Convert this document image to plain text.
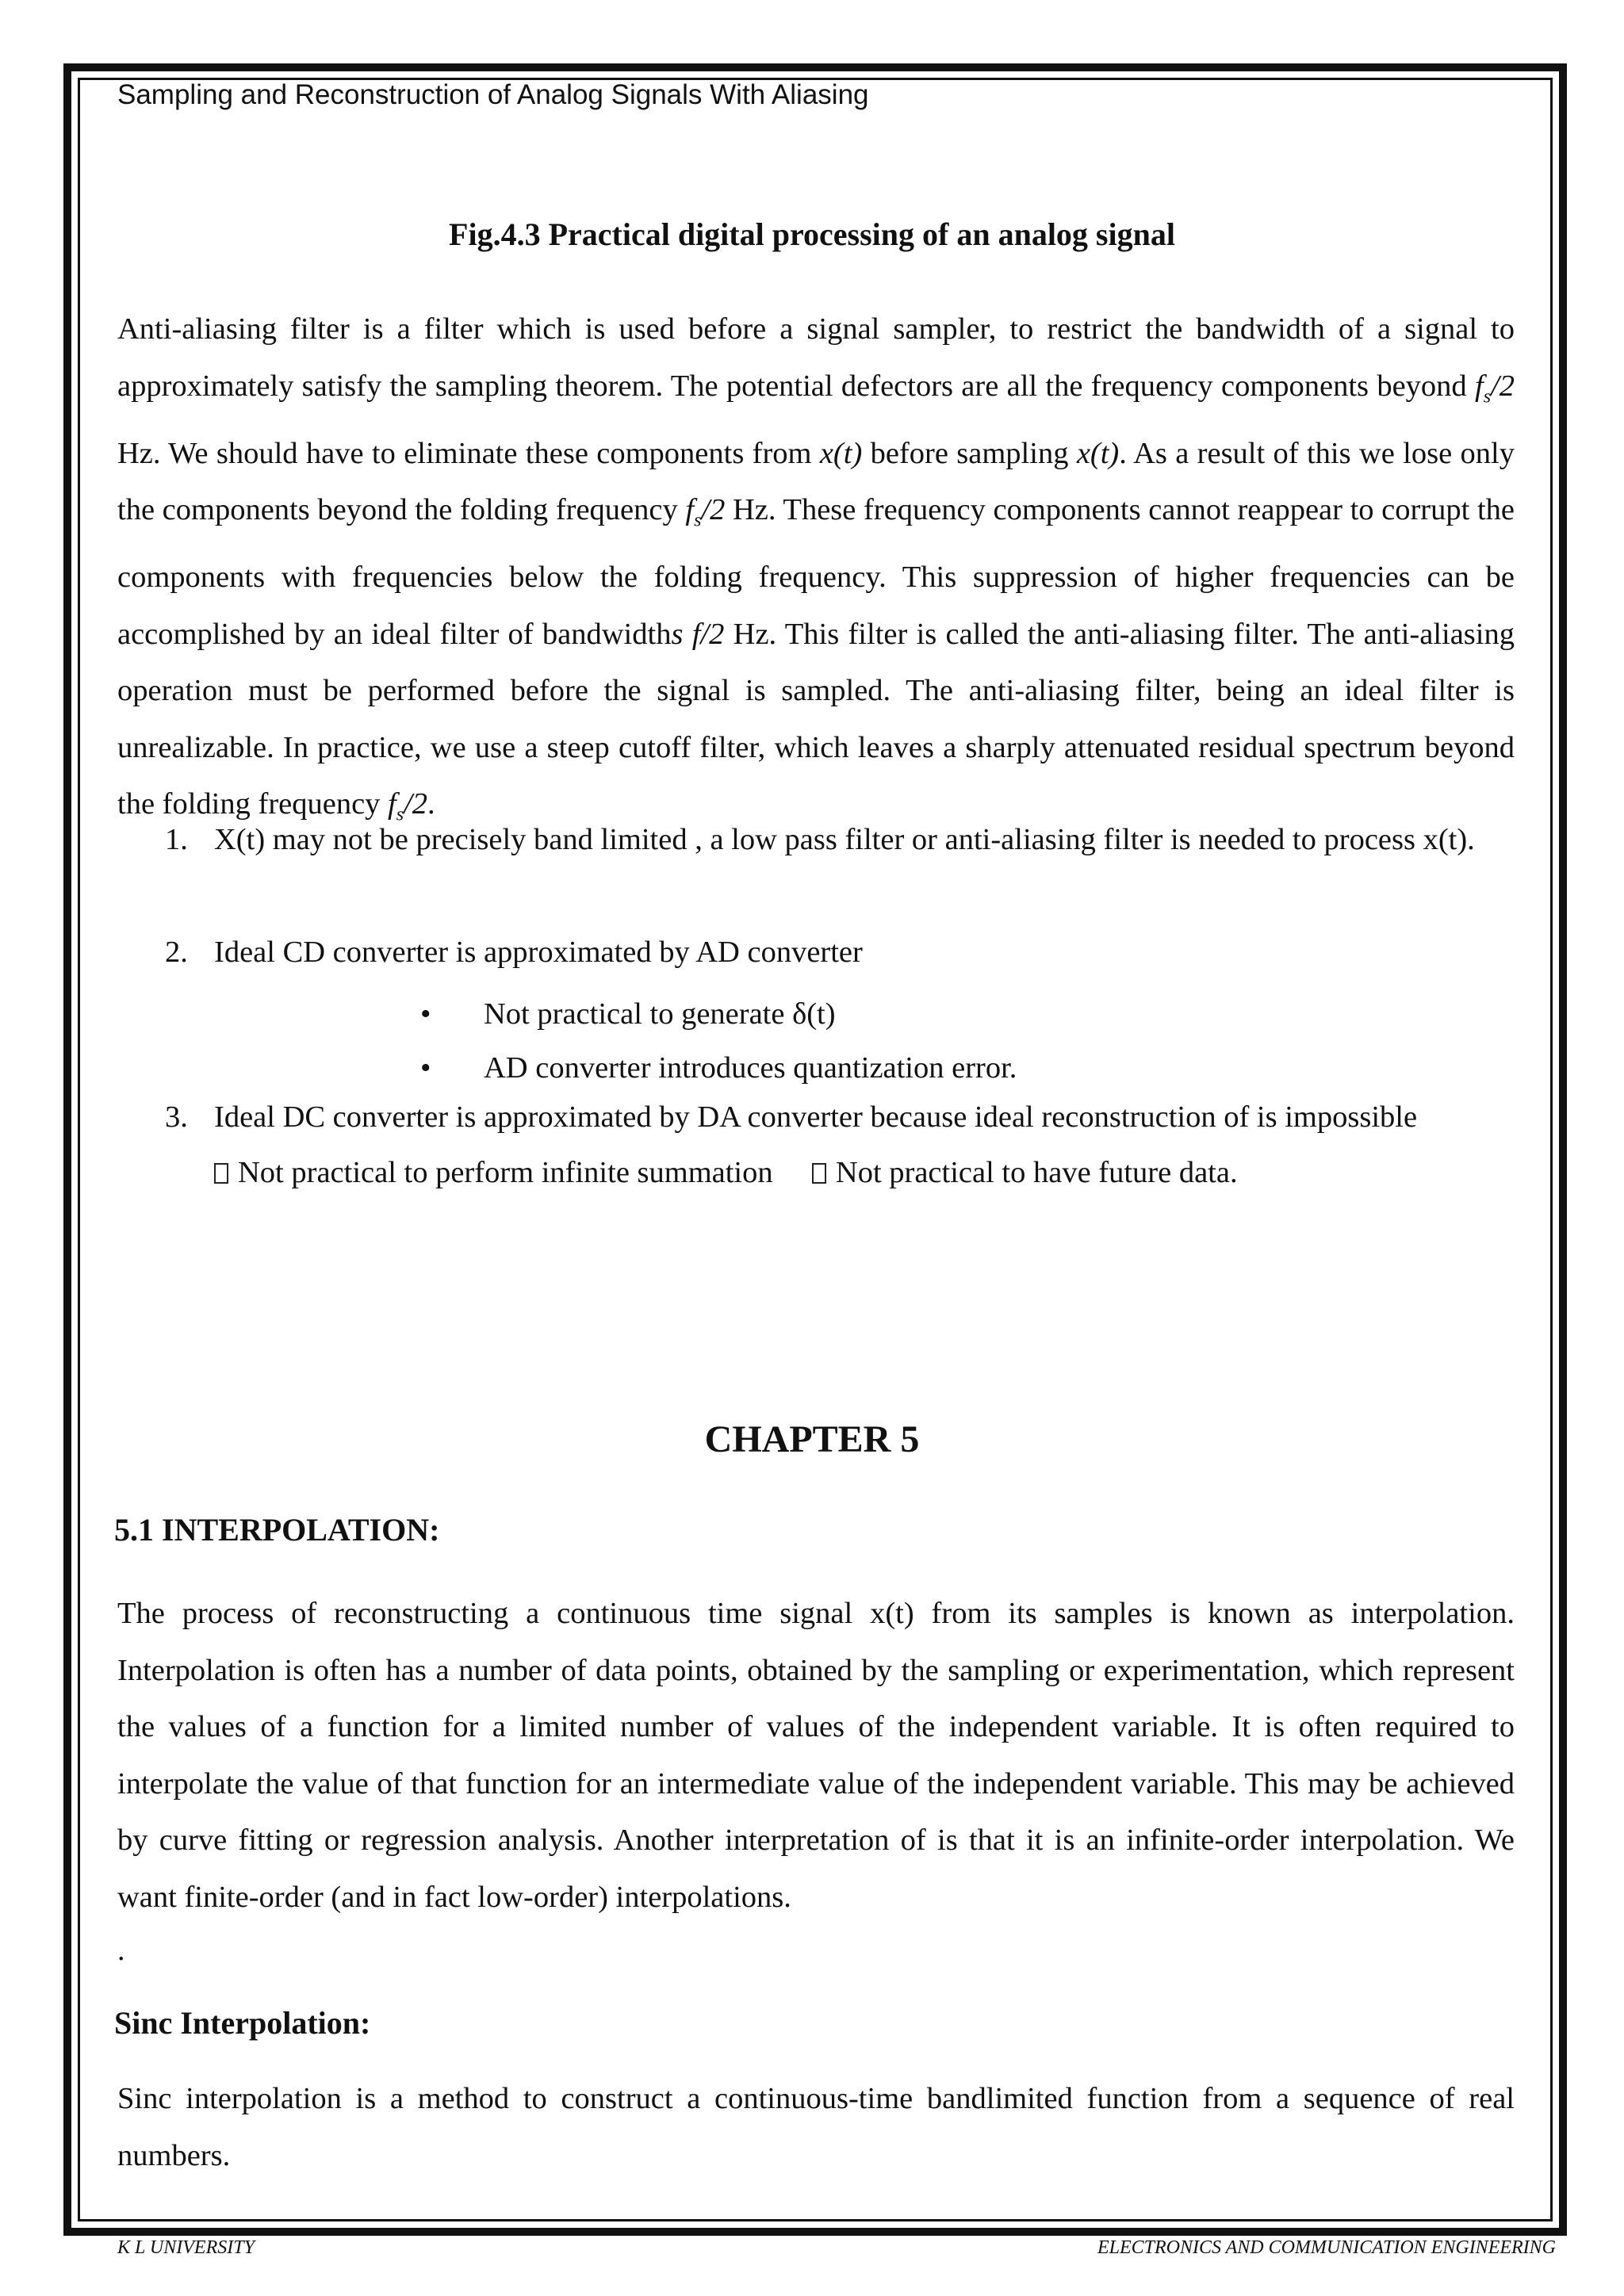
Sampling and Reconstruction of Analog Signals With Aliasing
Fig.4.3 Practical digital processing of an analog signal

Anti-aliasing filter is a filter which is used before a signal sampler, to restrict the bandwidth of a signal to approximately satisfy the sampling theorem. The potential defectors are all the frequency components beyond $f_s/2$ Hz. We should have to eliminate these components from x(t) before sampling x(t). As a result of this we lose only the components beyond the folding frequency $f_s/2$ Hz. These frequency components cannot reappear to corrupt the components with frequencies below the folding frequency. This suppression of higher frequencies can be accomplished by an ideal filter of bandwidths f/2 Hz. This filter is called the anti-aliasing filter. The anti-aliasing operation must be performed before the signal is sampled. The anti-aliasing filter, being an ideal filter is unrealizable. In practice, we use a steep cutoff filter, which leaves a sharply attenuated residual spectrum beyond the folding frequency $f_s/2$.

1. X(t) may not be precisely band limited , a low pass filter or anti-aliasing filter is needed to process x(t).
2. Ideal CD converter is approximated by AD converter
• Not practical to generate δ(t)
• AD converter introduces quantization error.
3. Ideal DC converter is approximated by DA converter because ideal reconstruction of is impossible
Not practical to perform infinite summation Not practical to have future data.
CHAPTER 5
5.1 INTERPOLATION:

The process of reconstructing a continuous time signal x(t) from its samples is known as interpolation. Interpolation is often has a number of data points, obtained by the sampling or experimentation, which represent the values of a function for a limited number of values of the independent variable. It is often required to interpolate the value of that function for an intermediate value of the independent variable. This may be achieved by curve fitting or regression analysis. Another interpretation of is that it is an infinite-order interpolation. We want finite-order (and in fact low-order) interpolations.

.
Sinc Interpolation:

Sinc interpolation is a method to construct a continuous-time bandlimited function from a sequence of real numbers.

K L UNIVERSITY	ELECTRONICS AND COMMUNICATION ENGINEERING
